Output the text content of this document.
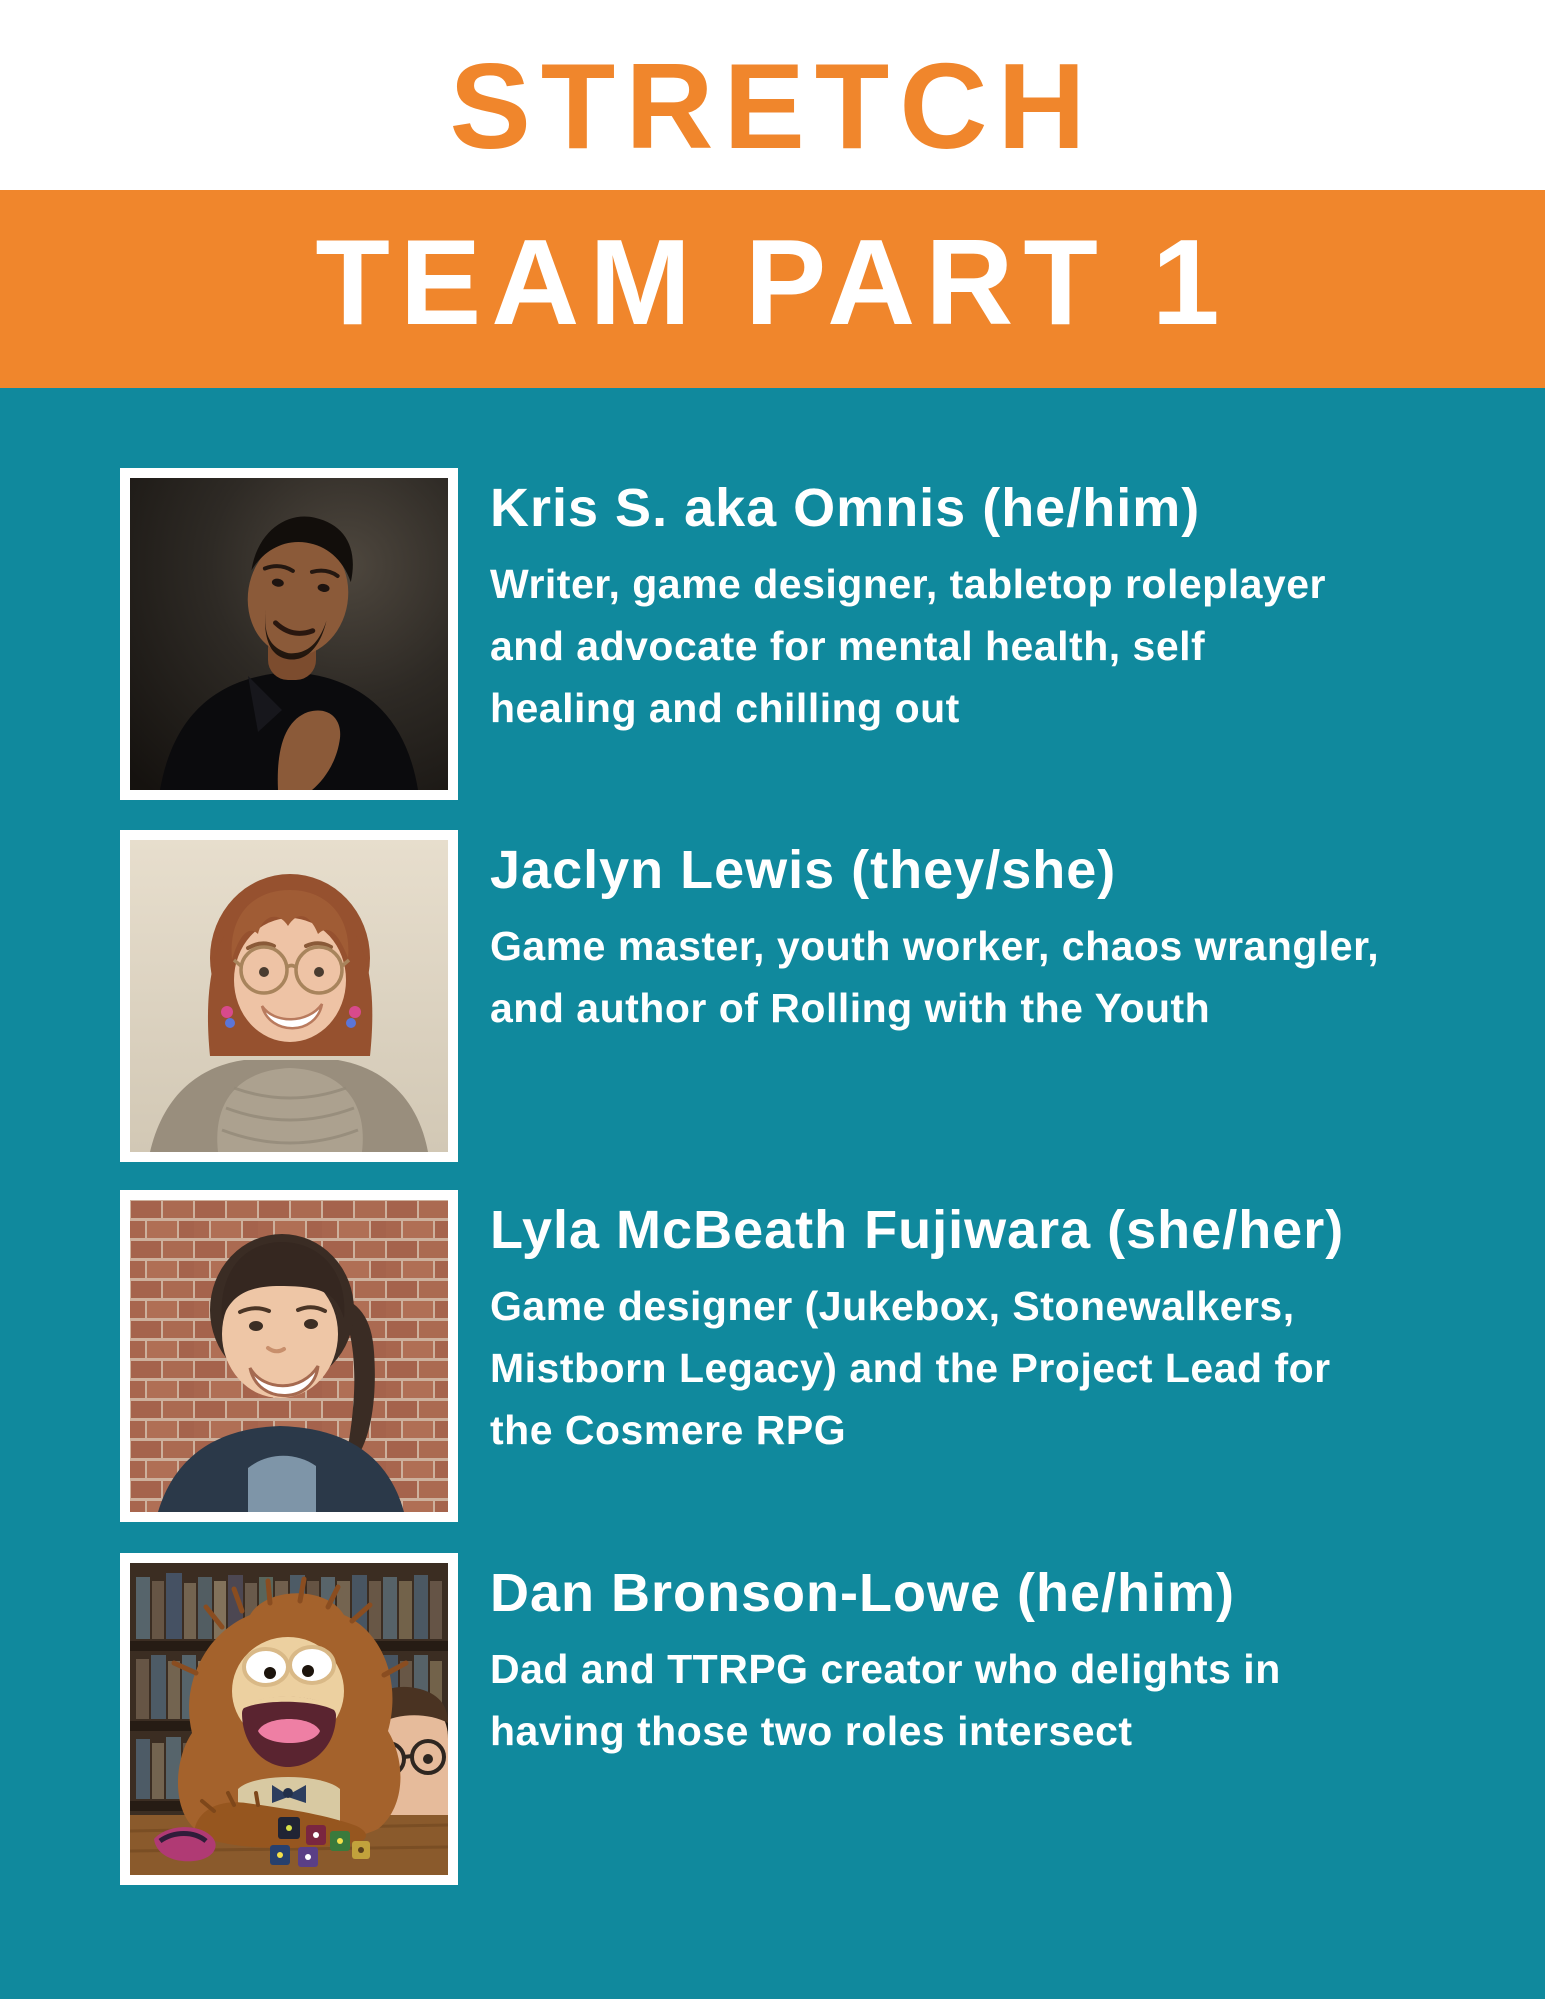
STRETCH
TEAM PART 1
Kris S. aka Omnis (he/him)
Writer, game designer, tabletop roleplayer
and advocate for mental health, self
healing and chilling out
Jaclyn Lewis (they/she)
Game master, youth worker, chaos wrangler,
and author of Rolling with the Youth
Lyla McBeath Fujiwara (she/her)
Game designer (Jukebox, Stonewalkers,
Mistborn Legacy) and the Project Lead for
the Cosmere RPG
Dan Bronson-Lowe (he/him)
Dad and TTRPG creator who delights in
having those two roles intersect
